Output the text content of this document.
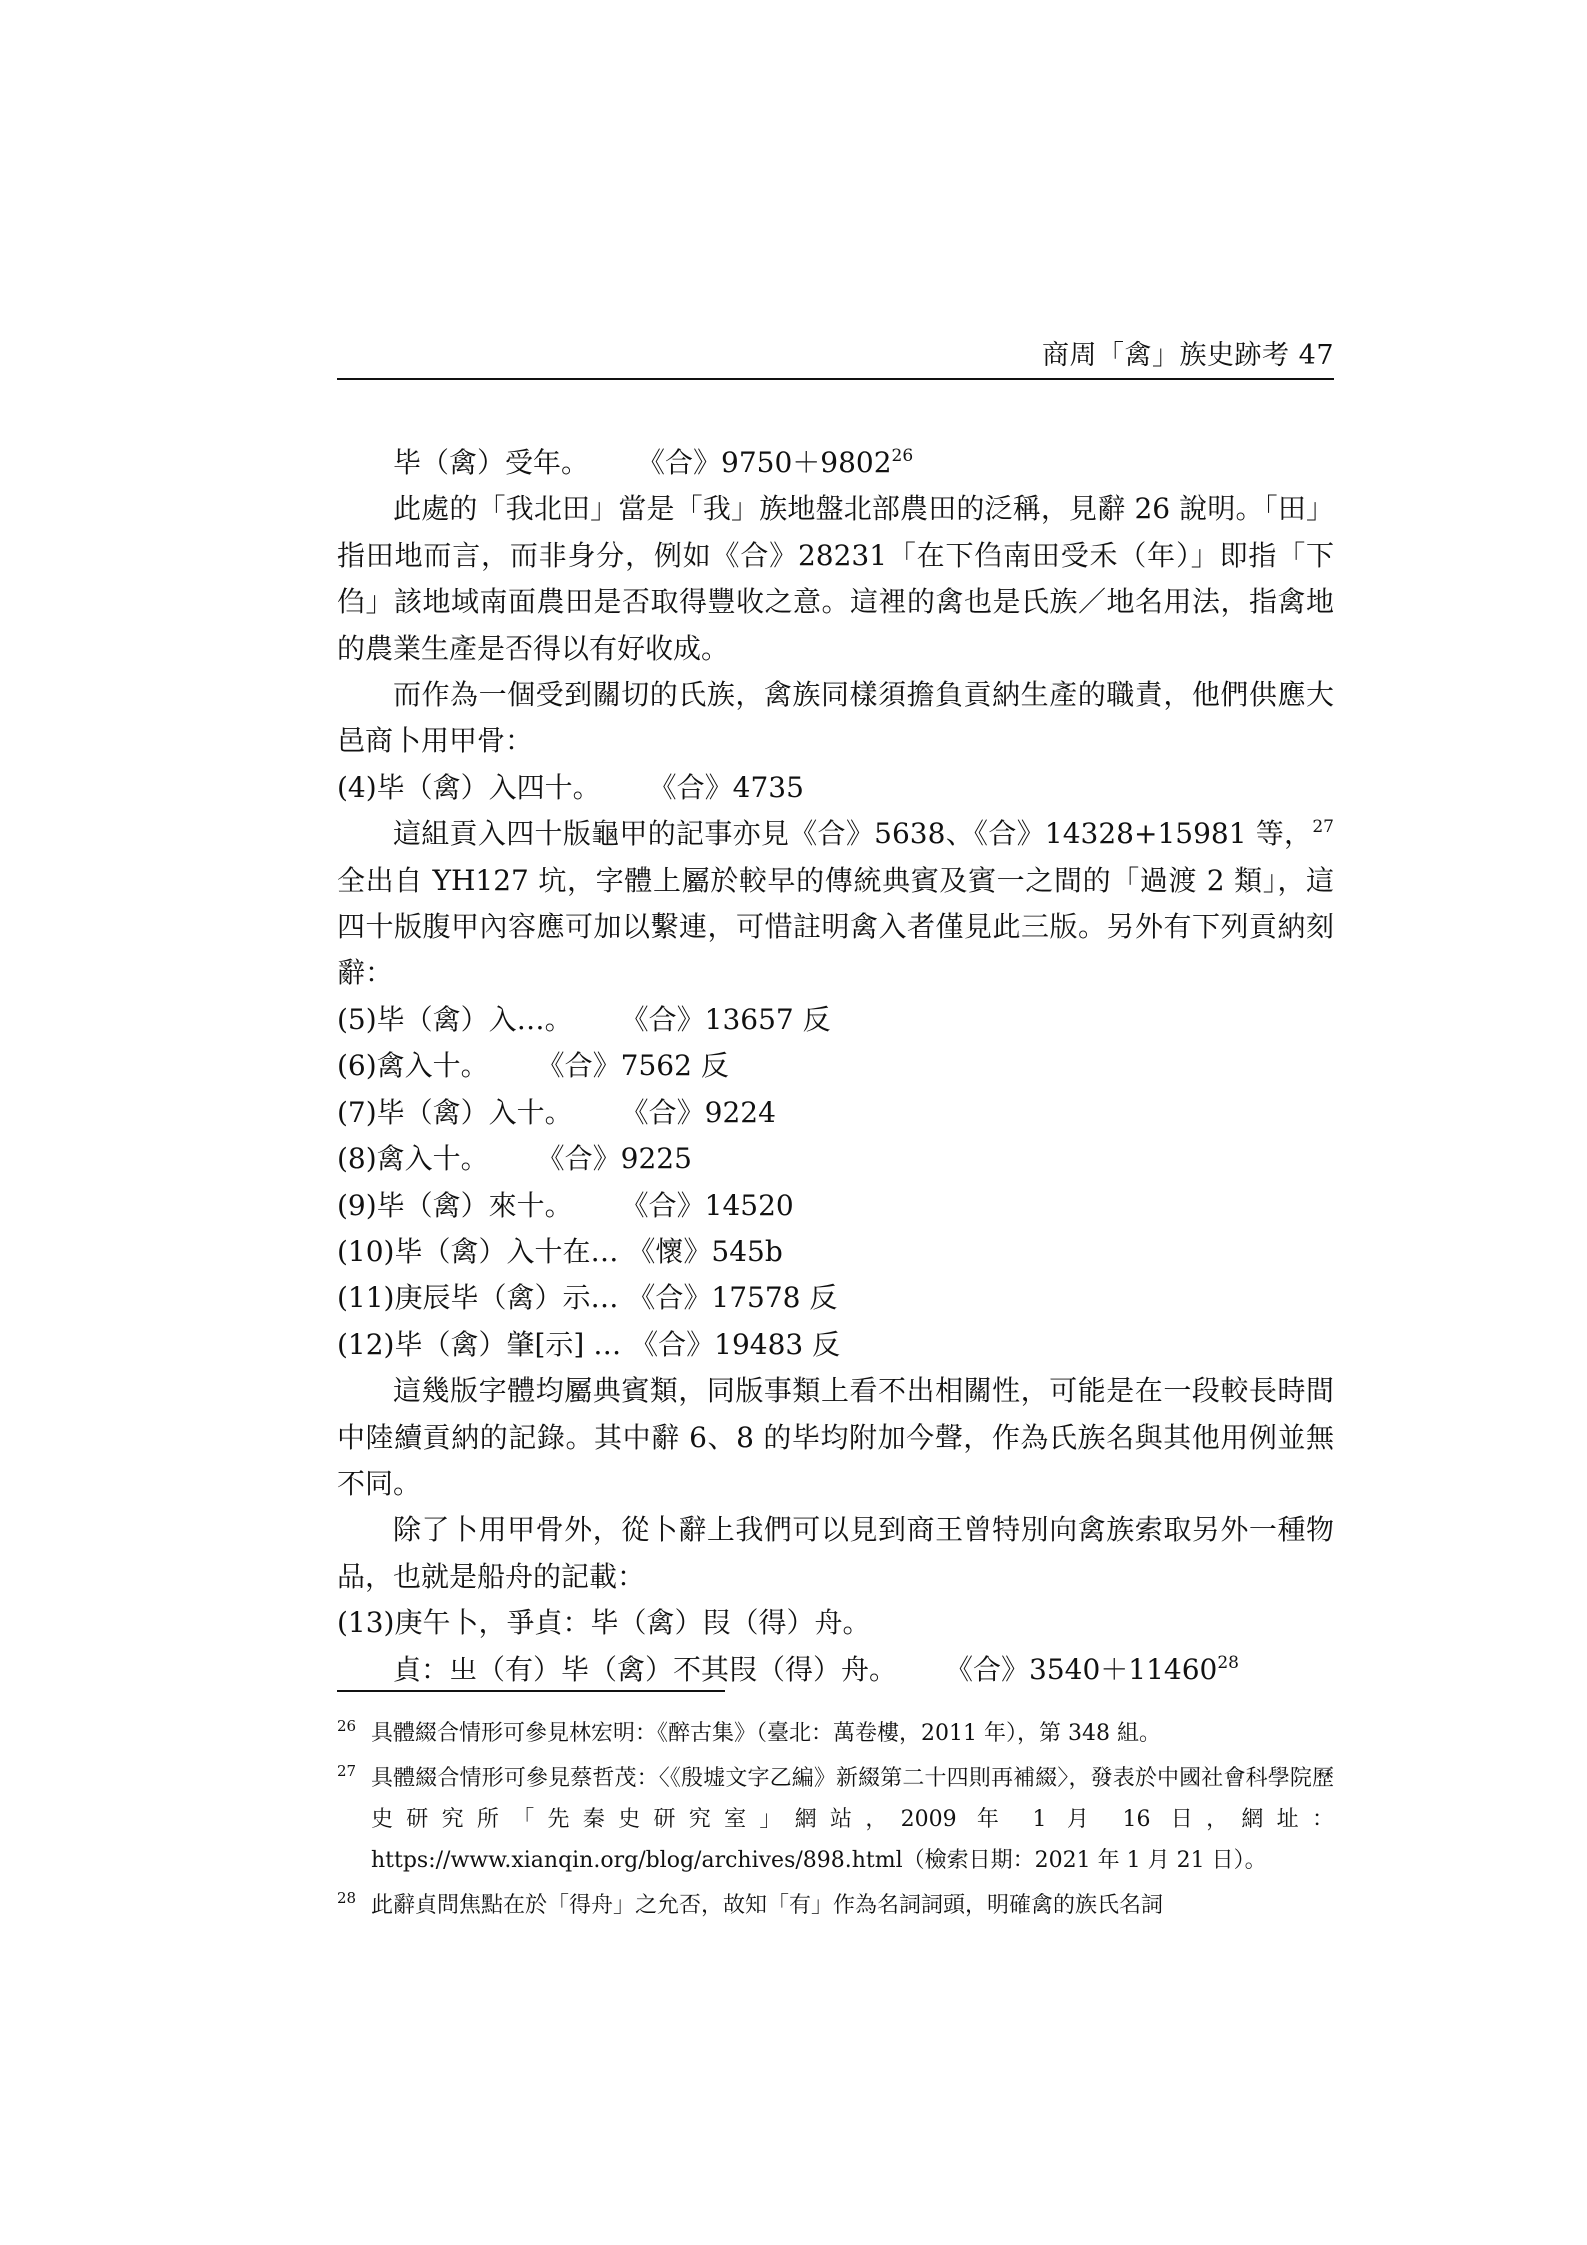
商周「禽」族史跡考 47

毕（禽）受年。 《合》$9750+9802^{26}$

此處的「我北田」當是「我」族地盤北部農田的泛稱，見辭 26 說明。「田」指田地而言，而非身分，例如《合》28231「在下㑇南田受禾（年）」即指「下㑇」該地域南面農田是否取得豐收之意。這裡的禽也是氏族／地名用法，指禽地的農業生產是否得以有好收成。

而作為一個受到關切的氏族，禽族同樣須擔負貢納生產的職責，他們供應大邑商卜用甲骨：

(4)毕（禽）入四十。 《合》4735

這組貢入四十版龜甲的記事亦見《合》5638、《合》14328+15981 等，$^{27}$全出自 YH127 坑，字體上屬於較早的傳統典賓及賓一之間的「過渡 2 類」，這四十版腹甲內容應可加以繫連，可惜註明禽入者僅見此三版。另外有下列貢納刻辭：

(5)毕（禽）入…。 《合》13657 反

(6)禽入十。 《合》7562 反

(7)毕（禽）入十。 《合》9224

(8)禽入十。 《合》9225

(9)毕（禽）來十。 《合》14520

(10)毕（禽）入十在… 《懷》545b

(11)庚辰毕（禽）示… 《合》17578 反

(12)毕（禽）肇[示] … 《合》19483 反

這幾版字體均屬典賓類，同版事類上看不出相關性，可能是在一段較長時間中陸續貢納的記錄。其中辭 6、8 的毕均附加今聲，作為氏族名與其他用例並無不同。

除了卜用甲骨外，從卜辭上我們可以見到商王曾特別向禽族索取另外一種物品，也就是船舟的記載：

(13)庚午卜，爭貞：毕（禽）叚（得）舟。

貞：㞢（有）毕（禽）不其叚（得）舟。 《合》$3540+11460^{28}$

26 具體綴合情形可參見林宏明：《醉古集》（臺北：萬卷樓，2011 年），第 348 組。

27 具體綴合情形可參見蔡哲茂：〈《殷墟文字乙編》新綴第二十四則再補綴〉，發表於中國社會科學院歷史研究所「先秦史研究室」網站，2009 年 1 月 16 日，網址：https://www.xianqin.org/blog/archives/898.html（檢索日期：2021 年 1 月 21 日）。

28 此辭貞問焦點在於「得舟」之允否，故知「有」作為名詞詞頭，明確禽的族氏名詞
